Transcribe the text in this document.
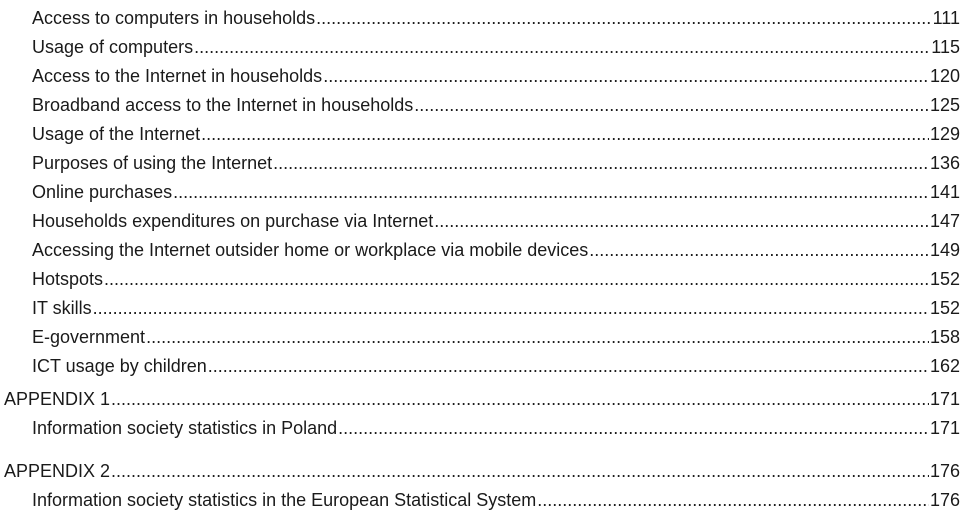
Access to computers in households .....	111
Usage of computers .....	115
Access to the Internet in households .....	120
Broadband access to the Internet in households .....	125
Usage of the Internet .....	129
Purposes of using the Internet .....	136
Online purchases .....	141
Households expenditures on purchase via Internet .....	147
Accessing the Internet outsider home or workplace via mobile devices .....	149
Hotspots .....	152
IT skills .....	152
E-government .....	158
ICT usage by children .....	162
APPENDIX 1 .....	171
Information society statistics in Poland .....	171
APPENDIX 2 .....	176
Information society statistics in the European Statistical System .....	176
